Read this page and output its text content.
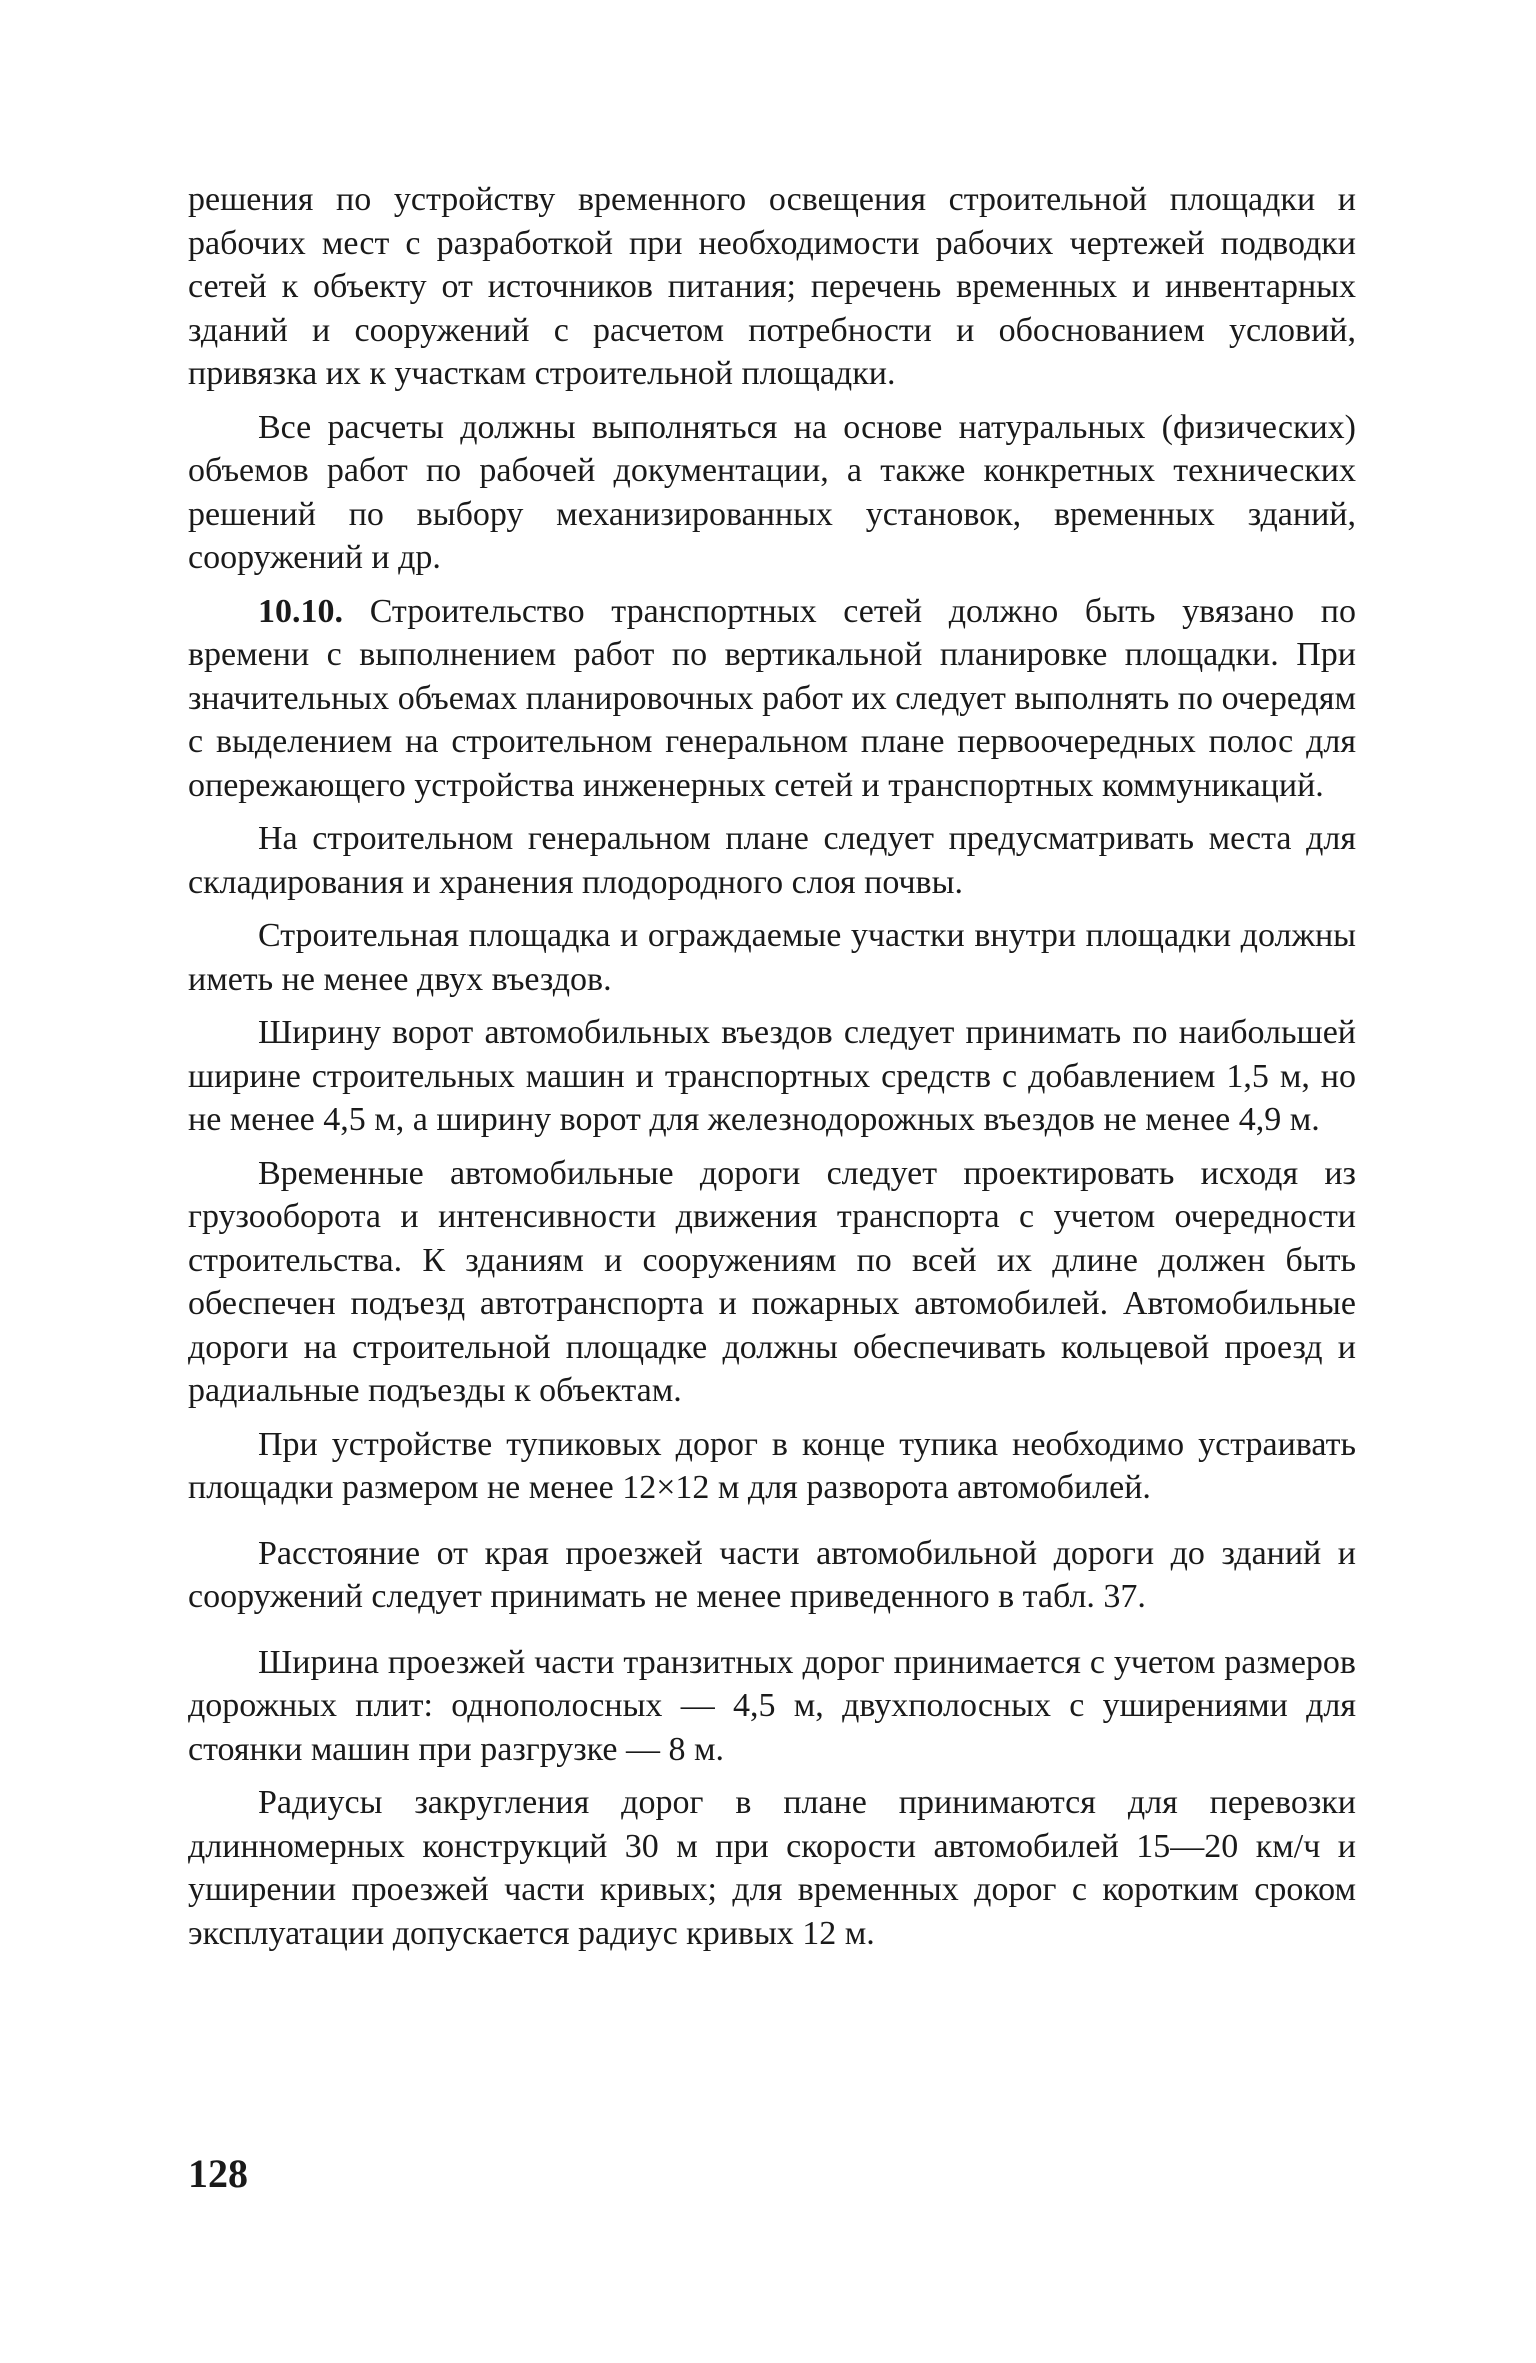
решения по устройству временного освещения строительной площадки и рабочих мест с разработкой при необходимости рабочих чертежей подводки сетей к объекту от источников питания; перечень временных и инвентарных зданий и сооружений с расчетом потребности и обоснованием условий, привязка их к участкам строительной площадки.

Все расчеты должны выполняться на основе натуральных (физических) объемов работ по рабочей документации, а также конкретных технических решений по выбору механизированных установок, временных зданий, сооружений и др.

10.10. Строительство транспортных сетей должно быть увязано по времени с выполнением работ по вертикальной планировке площадки. При значительных объемах планировочных работ их следует выполнять по очередям с выделением на строительном генеральном плане первоочередных полос для опережающего устройства инженерных сетей и транспортных коммуникаций.

На строительном генеральном плане следует предусматривать места для складирования и хранения плодородного слоя почвы.

Строительная площадка и ограждаемые участки внутри площадки должны иметь не менее двух въездов.

Ширину ворот автомобильных въездов следует принимать по наибольшей ширине строительных машин и транспортных средств с добавлением 1,5 м, но не менее 4,5 м, а ширину ворот для железнодорожных въездов не менее 4,9 м.

Временные автомобильные дороги следует проектировать исходя из грузооборота и интенсивности движения транспорта с учетом очередности строительства. К зданиям и сооружениям по всей их длине должен быть обеспечен подъезд автотранспорта и пожарных автомобилей. Автомобильные дороги на строительной площадке должны обеспечивать кольцевой проезд и радиальные подъезды к объектам.

При устройстве тупиковых дорог в конце тупика необходимо устраивать площадки размером не менее 12×12 м для разворота автомобилей.

Расстояние от края проезжей части автомобильной дороги до зданий и сооружений следует принимать не менее приведенного в табл. 37.

Ширина проезжей части транзитных дорог принимается с учетом размеров дорожных плит: однополосных — 4,5 м, двухполосных с уширениями для стоянки машин при разгрузке — 8 м.

Радиусы закругления дорог в плане принимаются для перевозки длинномерных конструкций 30 м при скорости автомобилей 15—20 км/ч и уширении проезжей части кривых; для временных дорог с коротким сроком эксплуатации допускается радиус кривых 12 м.

128
